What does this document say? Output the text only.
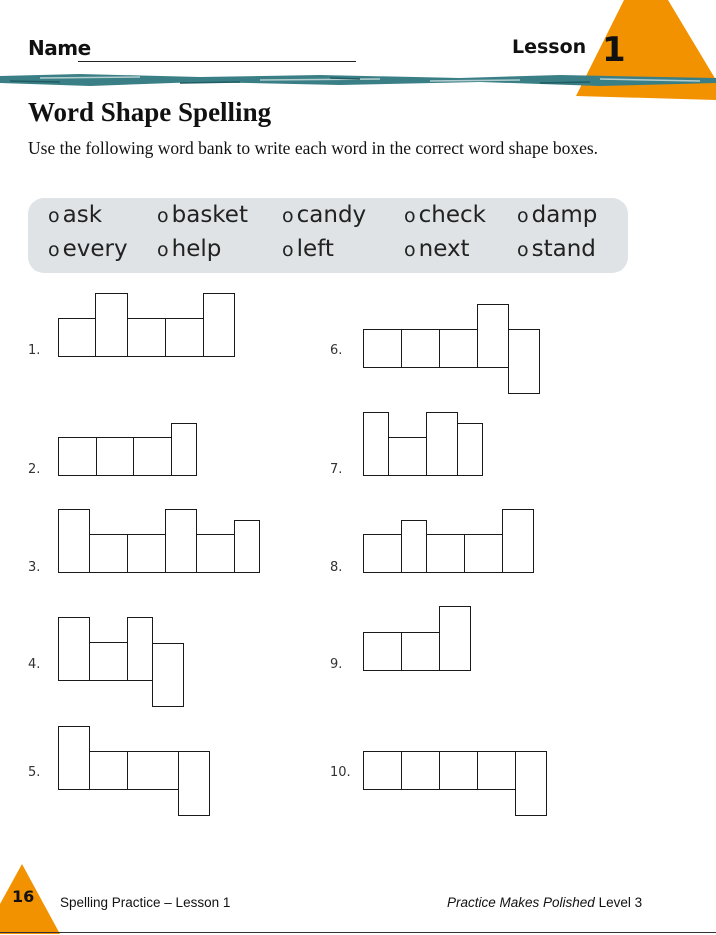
Name	Lesson 1
Word Shape Spelling
Use the following word bank to write each word in the correct word shape boxes.
o ask	o basket o candy o check o damp
o every o help	o left	o next o stand
1.
2.
3.
4.
5.
6.
7.
8.
9.
10.
16 Spelling Practice – Lesson 1	Practice Makes Polished Level 3
